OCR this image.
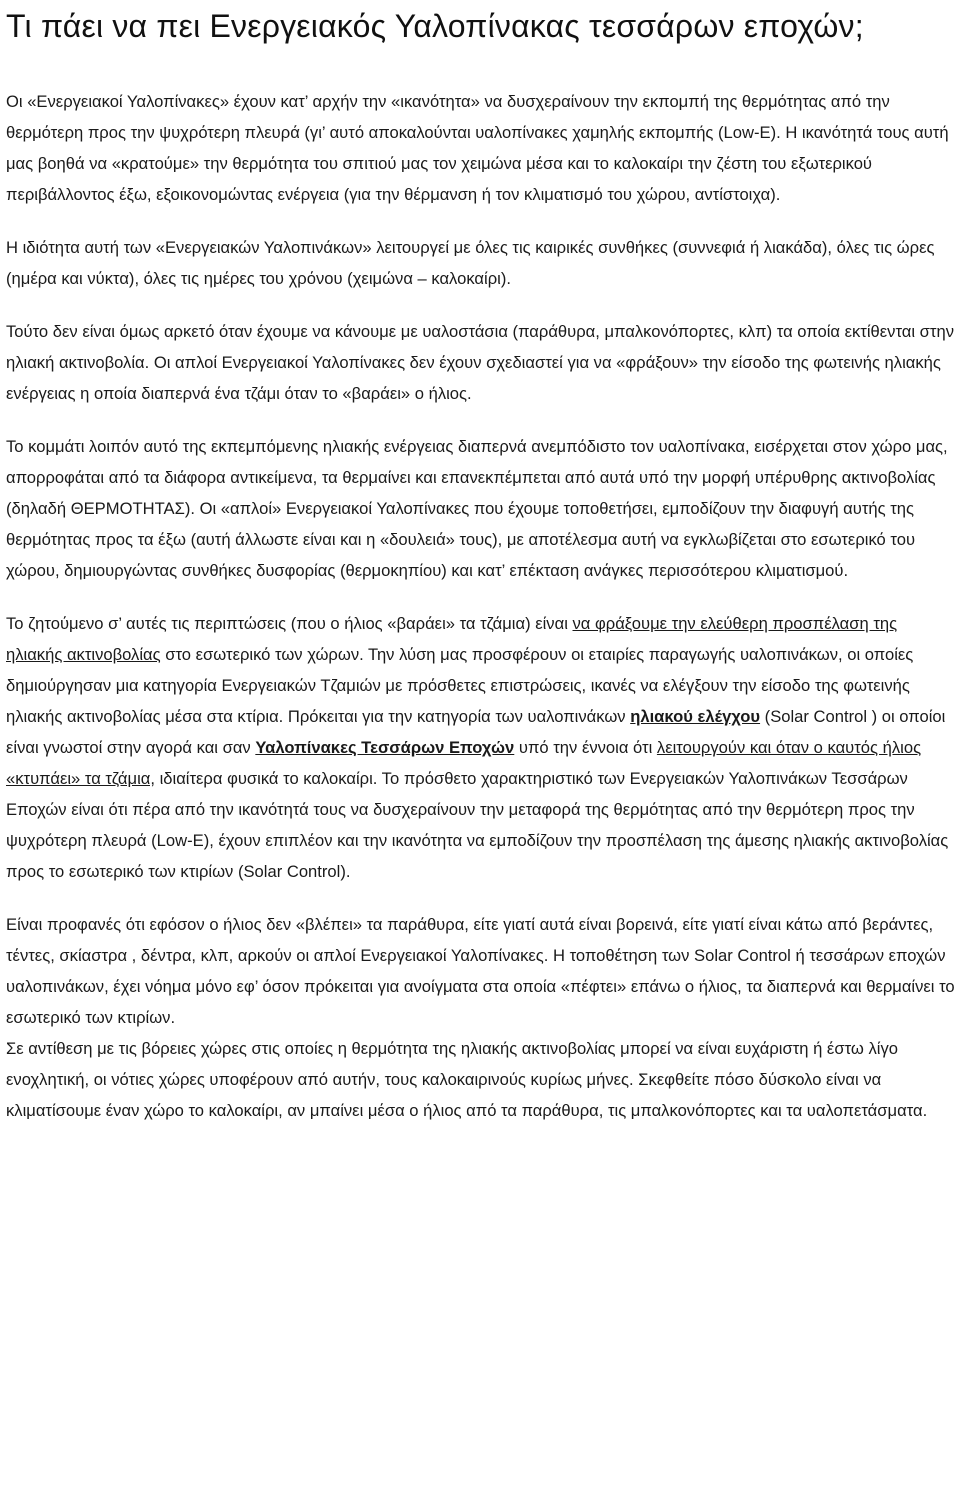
Τι πάει να πει Ενεργειακός Υαλοπίνακας τεσσάρων εποχών;

Οι «Ενεργειακοί Υαλοπίνακες» έχουν κατ’ αρχήν την «ικανότητα» να δυσχεραίνουν την εκπομπή της θερμότητας από την θερμότερη προς την ψυχρότερη πλευρά (γι’ αυτό αποκαλούνται υαλοπίνακες χαμηλής εκπομπής (Low-E). Η ικανότητά τους αυτή μας βοηθά να «κρατούμε» την θερμότητα του σπιτιού μας τον χειμώνα μέσα και το καλοκαίρι την ζέστη του εξωτερικού περιβάλλοντος έξω, εξοικονομώντας ενέργεια (για την θέρμανση ή τον κλιματισμό του χώρου, αντίστοιχα).

Η ιδιότητα αυτή των «Ενεργειακών Υαλοπινάκων» λειτουργεί με όλες τις καιρικές συνθήκες (συννεφιά ή λιακάδα), όλες τις ώρες (ημέρα και νύκτα), όλες τις ημέρες του χρόνου (χειμώνα – καλοκαίρι).

Τούτο δεν είναι όμως αρκετό όταν έχουμε να κάνουμε με υαλοστάσια (παράθυρα, μπαλκονόπορτες, κλπ) τα οποία εκτίθενται στην ηλιακή ακτινοβολία. Οι απλοί Ενεργειακοί Υαλοπίνακες δεν έχουν σχεδιαστεί για να «φράξουν» την είσοδο της φωτεινής ηλιακής ενέργειας η οποία διαπερνά ένα τζάμι όταν το «βαράει» ο ήλιος.

Το κομμάτι λοιπόν αυτό της εκπεμπόμενης ηλιακής ενέργειας διαπερνά ανεμπόδιστο τον υαλοπίνακα, εισέρχεται στον χώρο μας, απορροφάται από τα διάφορα αντικείμενα, τα θερμαίνει και επανεκπέμπεται από αυτά υπό την μορφή υπέρυθρης ακτινοβολίας (δηλαδή ΘΕΡΜΟΤΗΤΑΣ). Οι «απλοί» Ενεργειακοί Υαλοπίνακες που έχουμε τοποθετήσει, εμποδίζουν την διαφυγή αυτής της θερμότητας προς τα έξω (αυτή άλλωστε είναι και η «δουλειά» τους), με αποτέλεσμα αυτή να εγκλωβίζεται στο εσωτερικό του χώρου, δημιουργώντας συνθήκες δυσφορίας (θερμοκηπίου) και κατ’ επέκταση ανάγκες περισσότερου κλιματισμού.

Το ζητούμενο σ’ αυτές τις περιπτώσεις (που ο ήλιος «βαράει» τα τζάμια) είναι να φράξουμε την ελεύθερη προσπέλαση της ηλιακής ακτινοβολίας στο εσωτερικό των χώρων. Την λύση μας προσφέρουν οι εταιρίες παραγωγής υαλοπινάκων, οι οποίες δημιούργησαν μια κατηγορία Ενεργειακών Τζαμιών με πρόσθετες επιστρώσεις, ικανές να ελέγξουν την είσοδο της φωτεινής ηλιακής ακτινοβολίας μέσα στα κτίρια. Πρόκειται για την κατηγορία των υαλοπινάκων ηλιακού ελέγχου (Solar Control ) οι οποίοι είναι γνωστοί στην αγορά και σαν Υαλοπίνακες Τεσσάρων Εποχών υπό την έννοια ότι λειτουργούν και όταν ο καυτός ήλιος «κτυπάει» τα τζάμια, ιδιαίτερα φυσικά το καλοκαίρι. Το πρόσθετο χαρακτηριστικό των Ενεργειακών Υαλοπινάκων Τεσσάρων Εποχών είναι ότι πέρα από την ικανότητά τους να δυσχεραίνουν την μεταφορά της θερμότητας από την θερμότερη προς την ψυχρότερη πλευρά (Low-E), έχουν επιπλέον και την ικανότητα να εμποδίζουν την προσπέλαση της άμεσης ηλιακής ακτινοβολίας προς το εσωτερικό των κτιρίων (Solar Control).

Είναι προφανές ότι εφόσον ο ήλιος δεν «βλέπει» τα παράθυρα, είτε γιατί αυτά είναι βορεινά, είτε γιατί είναι κάτω από βεράντες, τέντες, σκίαστρα , δέντρα, κλπ, αρκούν οι απλοί Ενεργειακοί Υαλοπίνακες. Η τοποθέτηση των Solar Control ή τεσσάρων εποχών υαλοπινάκων, έχει νόημα μόνο εφ’ όσον πρόκειται για ανοίγματα στα οποία «πέφτει» επάνω ο ήλιος, τα διαπερνά και θερμαίνει το εσωτερικό των κτιρίων.

Σε αντίθεση με τις βόρειες χώρες στις οποίες η θερμότητα της ηλιακής ακτινοβολίας μπορεί να είναι ευχάριστη ή έστω λίγο ενοχλητική, οι νότιες χώρες υποφέρουν από αυτήν, τους καλοκαιρινούς κυρίως μήνες. Σκεφθείτε πόσο δύσκολο είναι να κλιματίσουμε έναν χώρο το καλοκαίρι, αν μπαίνει μέσα ο ήλιος από τα παράθυρα, τις μπαλκονόπορτες και τα υαλοπετάσματα.
